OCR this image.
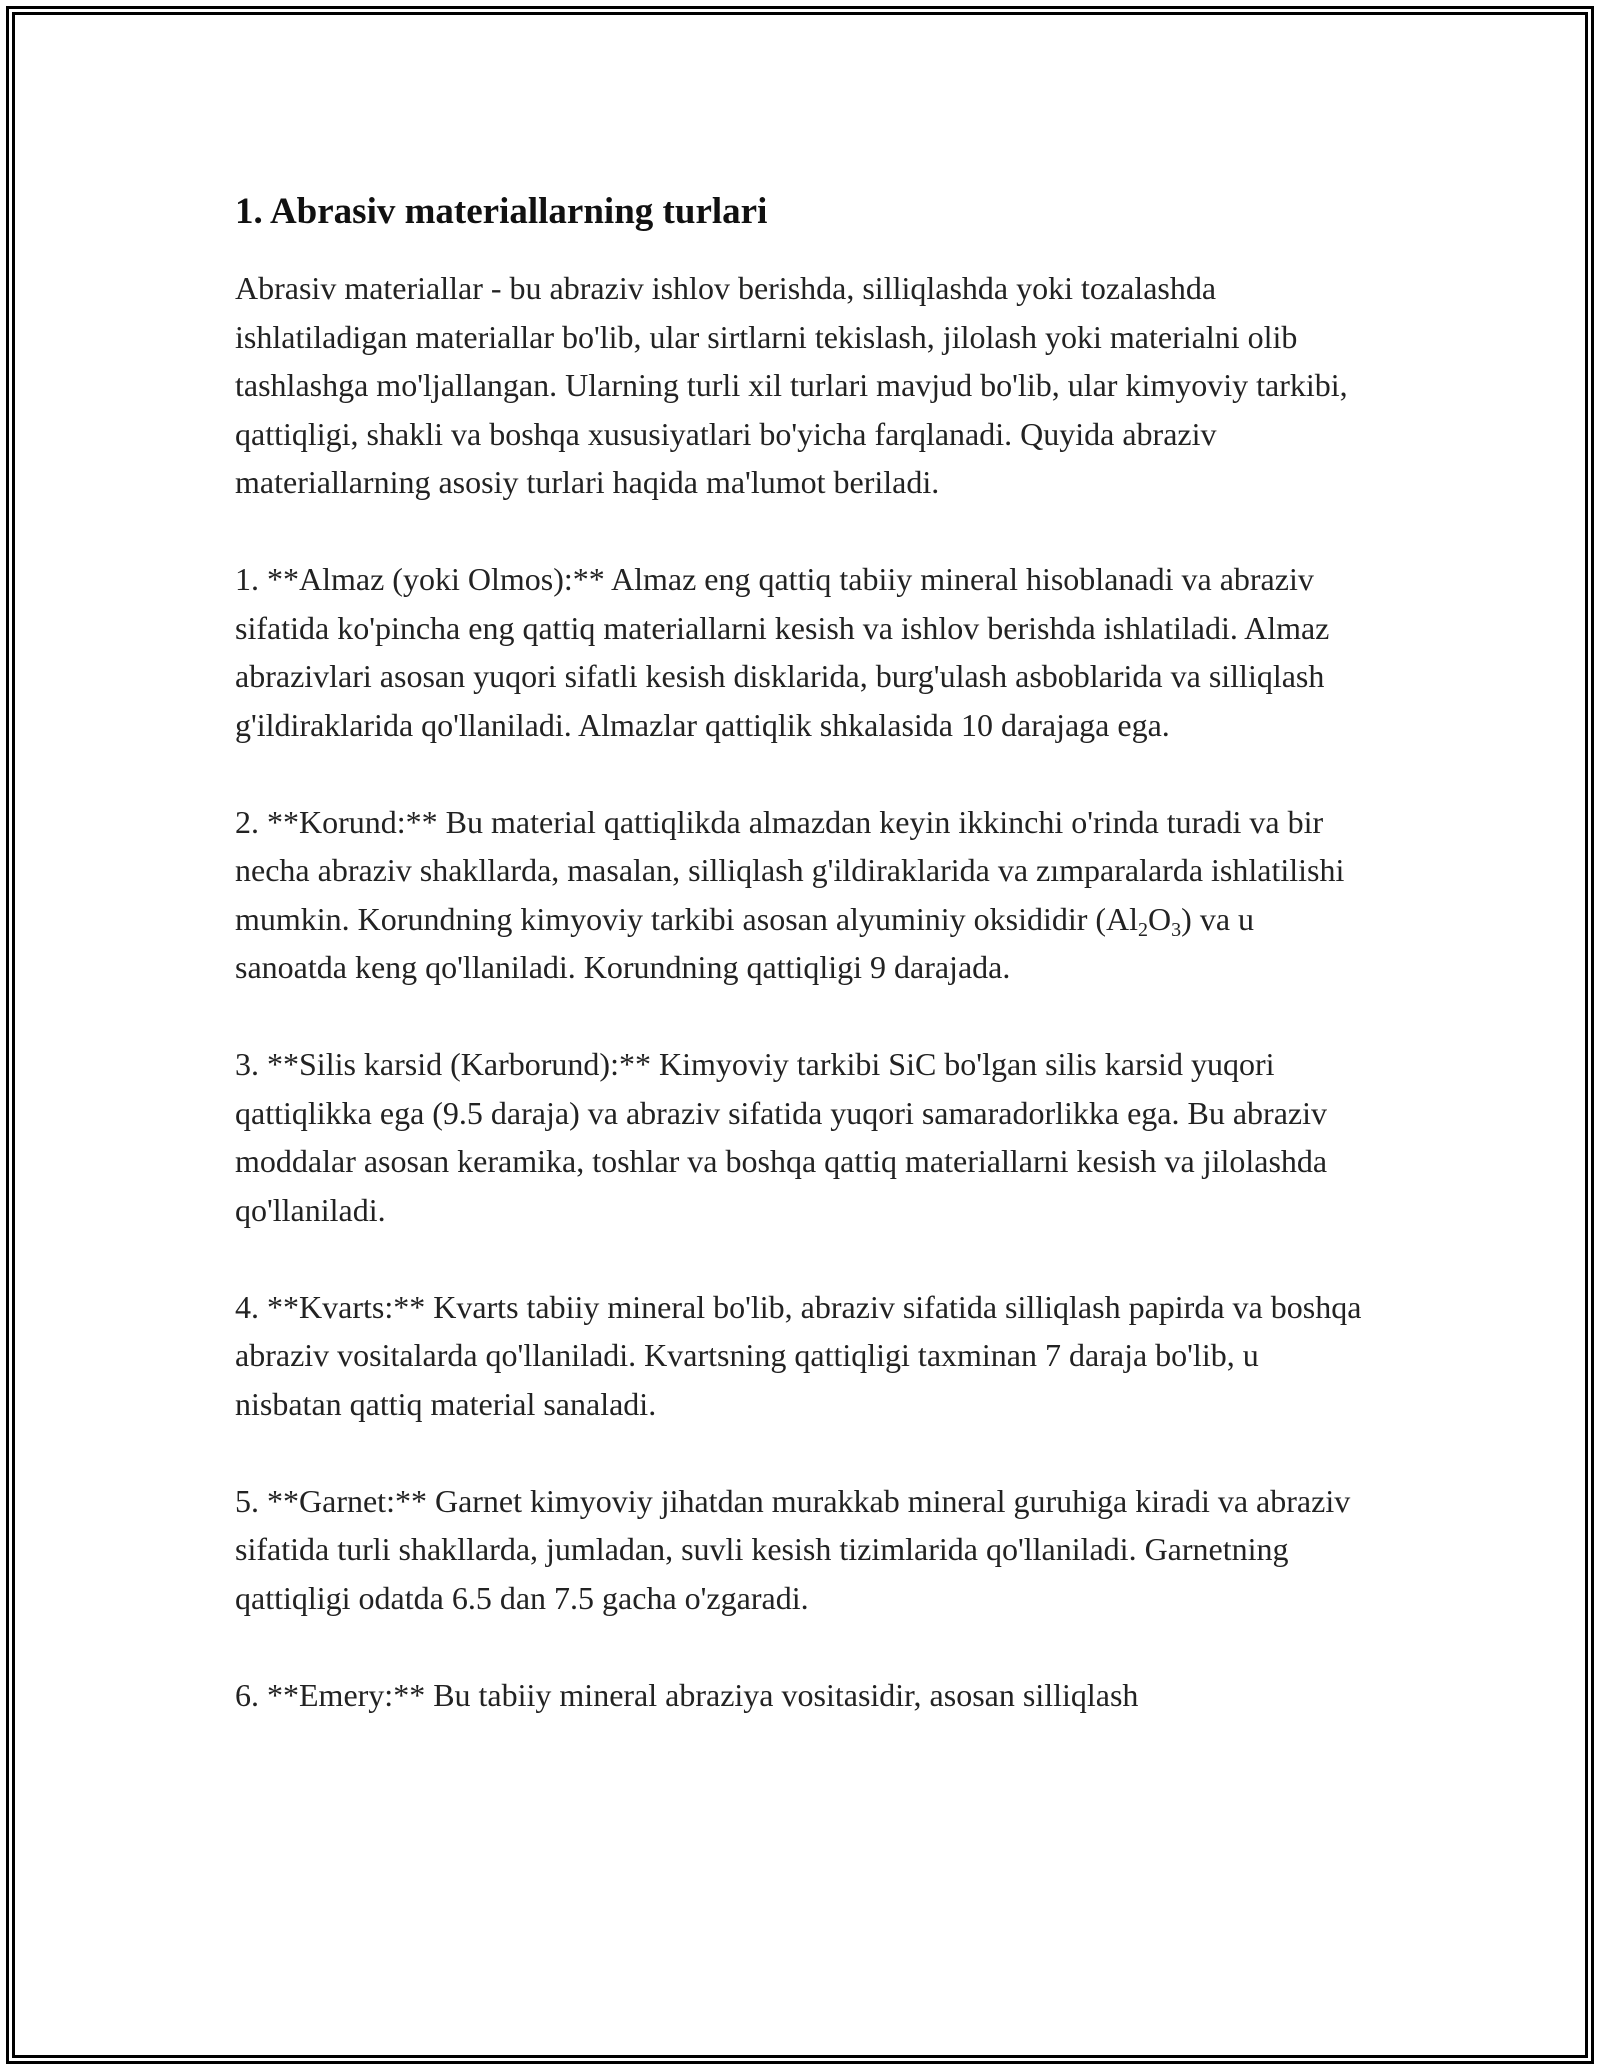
1. Abrasiv materiallarning turlari

Abrasiv materiallar - bu abraziv ishlov berishda, silliqlashda yoki tozalashda ishlatiladigan materiallar bo'lib, ular sirtlarni tekislash, jilolash yoki materialni olib tashlashga mo'ljallangan. Ularning turli xil turlari mavjud bo'lib, ular kimyoviy tarkibi, qattiqligi, shakli va boshqa xususiyatlari bo'yicha farqlanadi. Quyida abraziv materiallarning asosiy turlari haqida ma'lumot beriladi.

1. **Almaz (yoki Olmos):** Almaz eng qattiq tabiiy mineral hisoblanadi va abraziv sifatida ko'pincha eng qattiq materiallarni kesish va ishlov berishda ishlatiladi. Almaz abrazivlari asosan yuqori sifatli kesish disklarida, burg'ulash asboblarida va silliqlash g'ildiraklarida qo'llaniladi. Almazlar qattiqlik shkalasida 10 darajaga ega.

2. **Korund:** Bu material qattiqlikda almazdan keyin ikkinchi o'rinda turadi va bir necha abraziv shakllarda, masalan, silliqlash g'ildiraklarida va zımparalarda ishlatilishi mumkin. Korundning kimyoviy tarkibi asosan alyuminiy oksididir $(Al_2O_3)$ va u sanoatda keng qo'llaniladi. Korundning qattiqligi 9 darajada.

3. **Silis karsid (Karborund):** Kimyoviy tarkibi SiC bo'lgan silis karsid yuqori qattiqlikka ega (9.5 daraja) va abraziv sifatida yuqori samaradorlikka ega. Bu abraziv moddalar asosan keramika, toshlar va boshqa qattiq materiallarni kesish va jilolashda qo'llaniladi.

4. **Kvarts:** Kvarts tabiiy mineral bo'lib, abraziv sifatida silliqlash papirda va boshqa abraziv vositalarda qo'llaniladi. Kvartsning qattiqligi taxminan 7 daraja bo'lib, u nisbatan qattiq material sanaladi.

5. **Garnet:** Garnet kimyoviy jihatdan murakkab mineral guruhiga kiradi va abraziv sifatida turli shakllarda, jumladan, suvli kesish tizimlarida qo'llaniladi. Garnetning qattiqligi odatda 6.5 dan 7.5 gacha o'zgaradi.

6. **Emery:** Bu tabiiy mineral abraziya vositasidir, asosan silliqlash
